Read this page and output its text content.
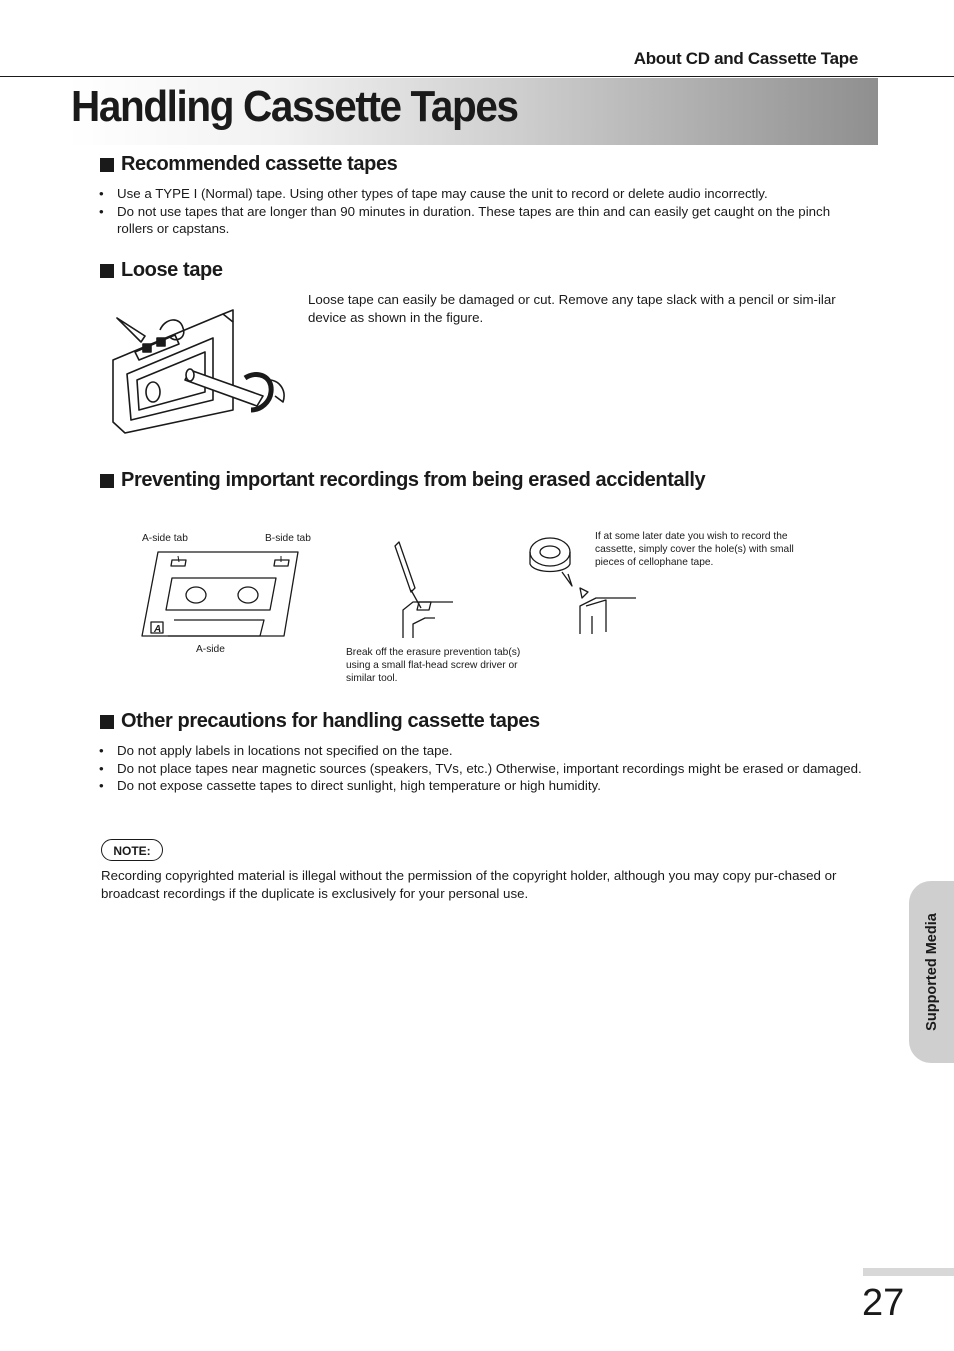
About CD and Cassette Tape
Handling Cassette Tapes
Recommended cassette tapes
• Use a TYPE I (Normal) tape. Using other types of tape may cause the unit to record or delete audio incorrectly.
• Do not use tapes that are longer than 90 minutes in duration. These tapes are thin and can easily get caught on the pinch rollers or capstans.
Loose tape
Loose tape can easily be damaged or cut. Remove any tape slack with a pencil or sim-ilar device as shown in the figure.
Preventing important recordings from being erased accidentally
A-side tab	B-side tab
A
A-side	Break off the erasure prevention tab(s) using a small flat-head screw driver or similar tool.
If at some later date you wish to record the cassette, simply cover the hole(s) with small pieces of cellophane tape.
Other precautions for handling cassette tapes
• Do not apply labels in locations not specified on the tape.
• Do not place tapes near magnetic sources (speakers, TVs, etc.) Otherwise, important recordings might be erased or damaged.
• Do not expose cassette tapes to direct sunlight, high temperature or high humidity.
NOTE:
Recording copyrighted material is illegal without the permission of the copyright holder, although you may copy pur-chased or broadcast recordings if the duplicate is exclusively for your personal use.
Supported Media
27
